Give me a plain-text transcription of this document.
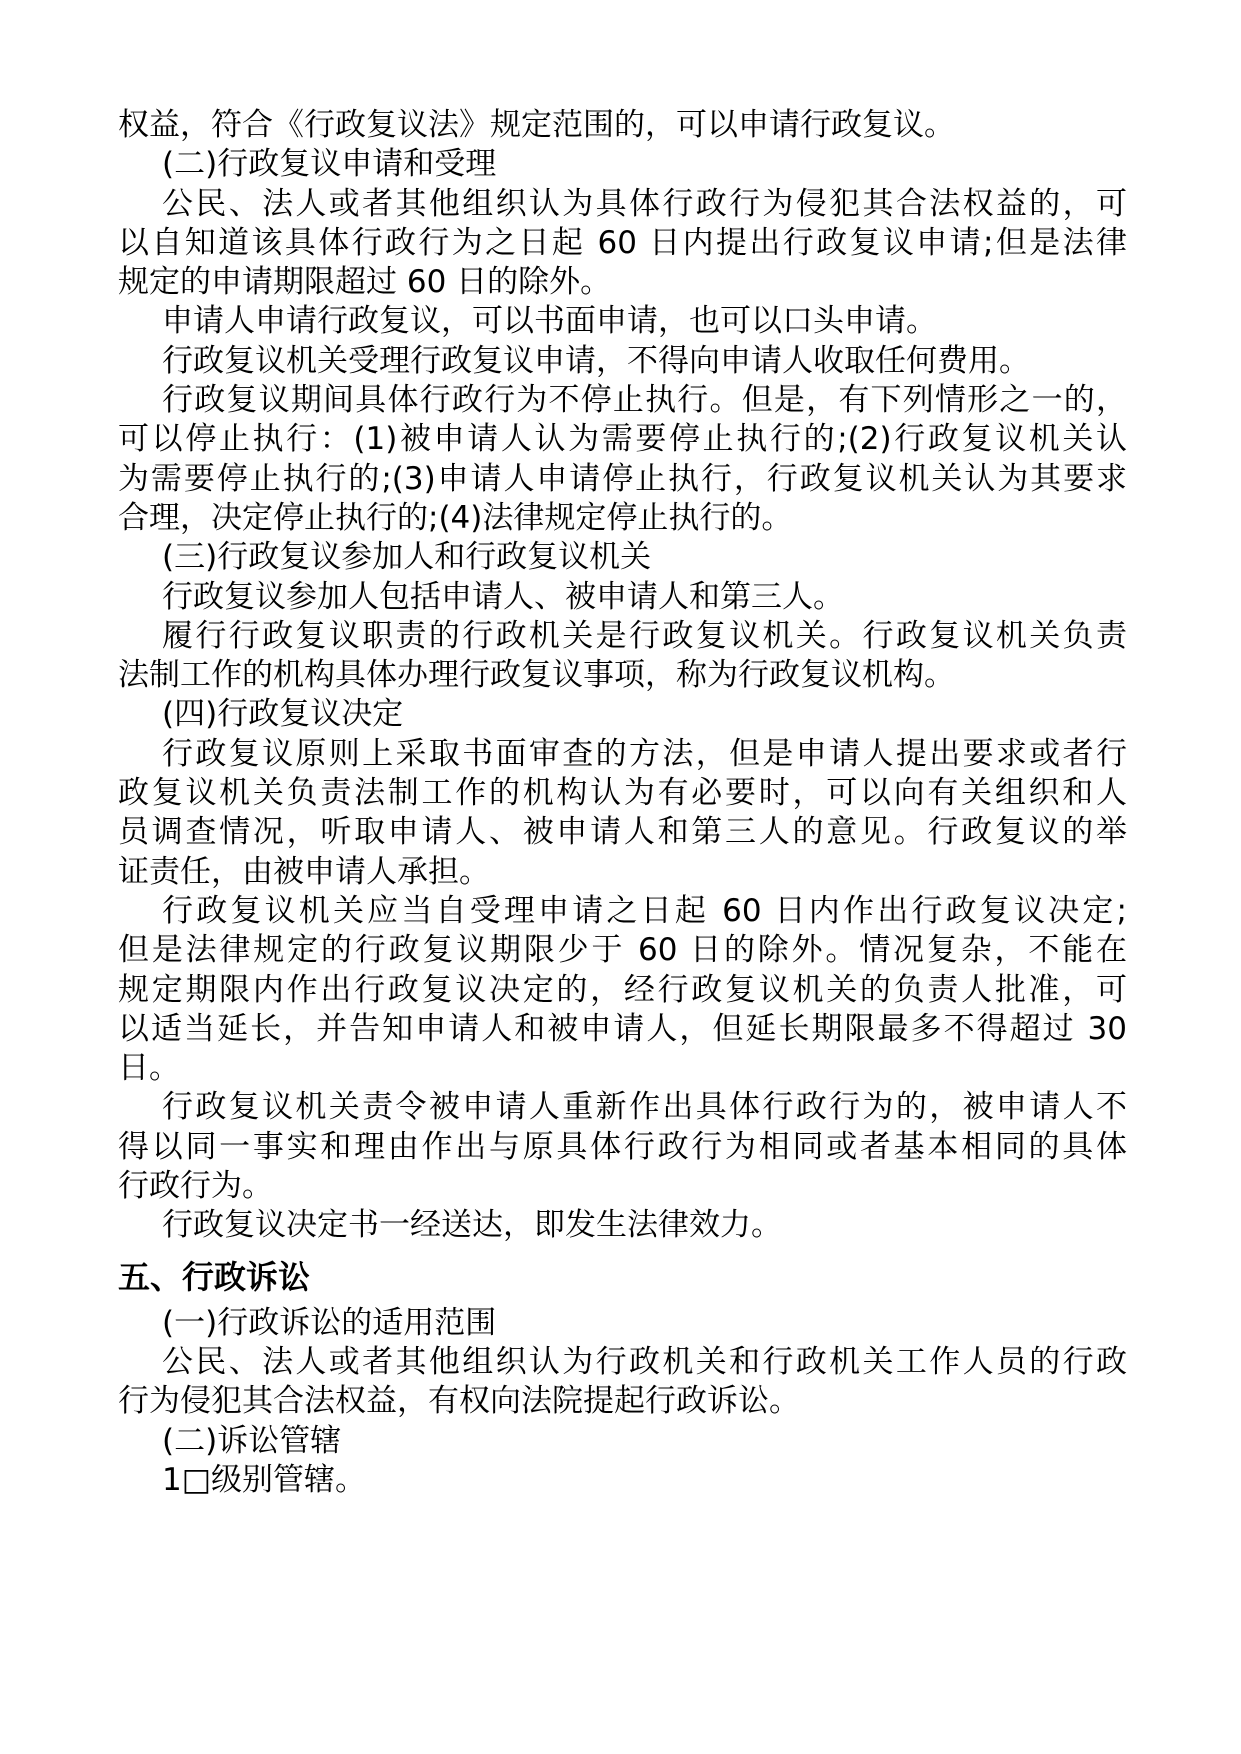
权益，符合《行政复议法》规定范围的，可以申请行政复议。
(二)行政复议申请和受理
公民、法人或者其他组织认为具体行政行为侵犯其合法权益的，可
以自知道该具体行政行为之日起 60 日内提出行政复议申请;但是法律
规定的申请期限超过 60 日的除外。
申请人申请行政复议，可以书面申请，也可以口头申请。
行政复议机关受理行政复议申请，不得向申请人收取任何费用。
行政复议期间具体行政行为不停止执行。但是，有下列情形之一的，
可以停止执行：(1)被申请人认为需要停止执行的;(2)行政复议机关认
为需要停止执行的;(3)申请人申请停止执行，行政复议机关认为其要求
合理，决定停止执行的;(4)法律规定停止执行的。
(三)行政复议参加人和行政复议机关
行政复议参加人包括申请人、被申请人和第三人。
履行行政复议职责的行政机关是行政复议机关。行政复议机关负责
法制工作的机构具体办理行政复议事项，称为行政复议机构。
(四)行政复议决定
行政复议原则上采取书面审查的方法，但是申请人提出要求或者行
政复议机关负责法制工作的机构认为有必要时，可以向有关组织和人
员调查情况，听取申请人、被申请人和第三人的意见。行政复议的举
证责任，由被申请人承担。
行政复议机关应当自受理申请之日起 60 日内作出行政复议决定;
但是法律规定的行政复议期限少于 60 日的除外。情况复杂，不能在
规定期限内作出行政复议决定的，经行政复议机关的负责人批准，可
以适当延长，并告知申请人和被申请人，但延长期限最多不得超过 30
日。
行政复议机关责令被申请人重新作出具体行政行为的，被申请人不
得以同一事实和理由作出与原具体行政行为相同或者基本相同的具体
行政行为。
行政复议决定书一经送达，即发生法律效力。
五、行政诉讼
(一)行政诉讼的适用范围
公民、法人或者其他组织认为行政机关和行政机关工作人员的行政
行为侵犯其合法权益，有权向法院提起行政诉讼。
(二)诉讼管辖
1□级别管辖。
